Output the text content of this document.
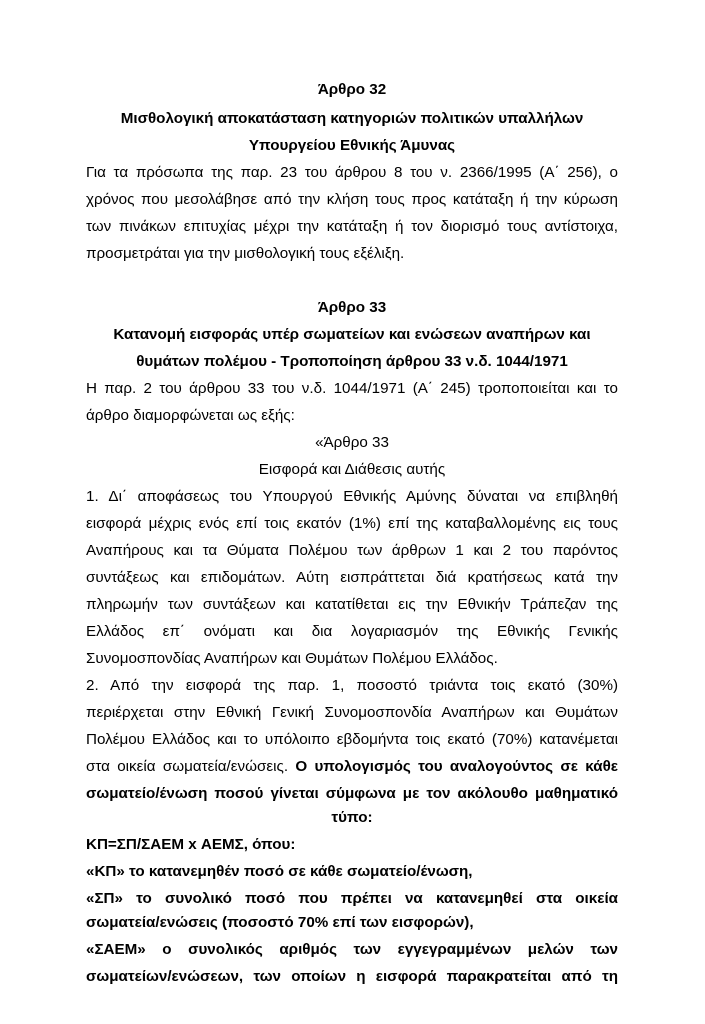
Άρθρο 32
Μισθολογική αποκατάσταση κατηγοριών πολιτικών υπαλλήλων
Υπουργείου Εθνικής Άμυνας
Για τα πρόσωπα της παρ. 23 του άρθρου 8 του ν. 2366/1995 (Α΄ 256), ο
χρόνος που μεσολάβησε από την κλήση τους προς κατάταξη ή την κύρωση
των πινάκων επιτυχίας μέχρι την κατάταξη ή τον διορισμό τους αντίστοιχα,
προσμετράται για την μισθολογική τους εξέλιξη.
Άρθρο 33
Κατανομή εισφοράς υπέρ σωματείων και ενώσεων αναπήρων και
θυμάτων πολέμου - Τροποποίηση άρθρου 33 ν.δ. 1044/1971
Η παρ. 2 του άρθρου 33 του ν.δ. 1044/1971 (Α΄ 245) τροποποιείται και το
άρθρο διαμορφώνεται ως εξής:
«Άρθρο 33
Εισφορά και Διάθεσις αυτής
1. Δι΄ αποφάσεως του Υπουργού Εθνικής Αμύνης δύναται να επιβληθή
εισφορά μέχρις ενός επί τοις εκατόν (1%) επί της καταβαλλομένης εις τους
Αναπήρους και τα Θύματα Πολέμου των άρθρων 1 και 2 του παρόντος
συντάξεως και επιδομάτων. Αύτη εισπράττεται διά κρατήσεως κατά την
πληρωμήν των συντάξεων και κατατίθεται εις την Εθνικήν Τράπεζαν της
Ελλάδος επ΄ ονόματι και δια λογαριασμόν της Εθνικής Γενικής
Συνομοσπονδίας Αναπήρων και Θυμάτων Πολέμου Ελλάδος.
2. Από την εισφορά της παρ. 1, ποσοστό τριάντα τοις εκατό (30%)
περιέρχεται στην Εθνική Γενική Συνομοσπονδία Αναπήρων και Θυμάτων
Πολέμου Ελλάδος και το υπόλοιπο εβδομήντα τοις εκατό (70%) κατανέμεται
στα οικεία σωματεία/ενώσεις. Ο υπολογισμός του αναλογούντος σε κάθε
σωματείο/ένωση ποσού γίνεται σύμφωνα με τον ακόλουθο μαθηματικό
τύπο:
ΚΠ=ΣΠ/ΣΑΕΜ x ΑΕΜΣ, όπου:
«ΚΠ» το κατανεμηθέν ποσό σε κάθε σωματείο/ένωση,
«ΣΠ» το συνολικό ποσό που πρέπει να κατανεμηθεί στα οικεία
σωματεία/ενώσεις (ποσοστό 70% επί των εισφορών),
«ΣΑΕΜ» ο συνολικός αριθμός των εγγεγραμμένων μελών των
σωματείων/ενώσεων, των οποίων η εισφορά παρακρατείται από τη
